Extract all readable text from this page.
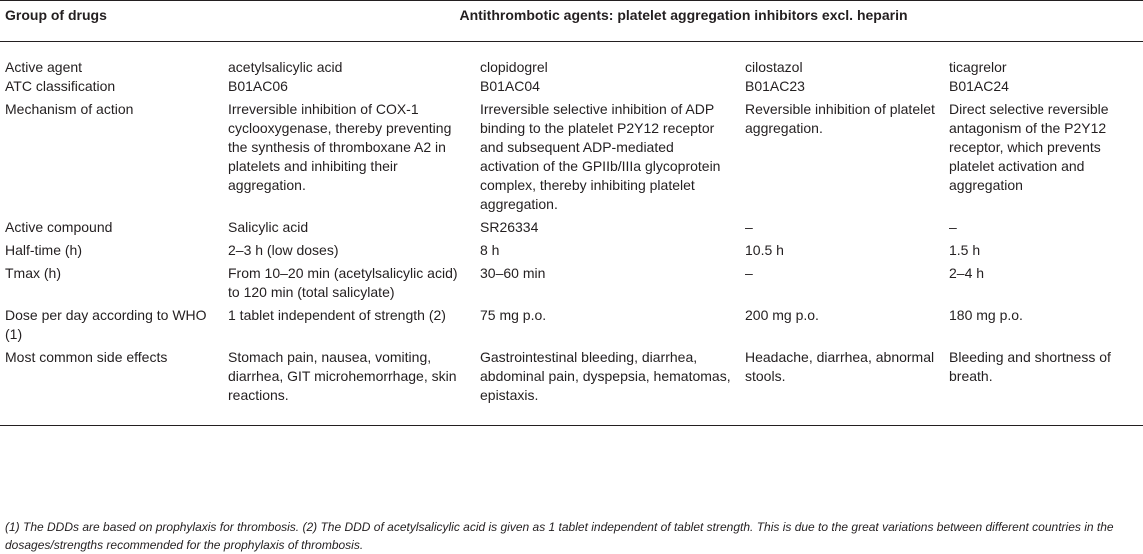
Group of drugs	Antithrombotic agents: platelet aggregation inhibitors excl. heparin			
Active agent	acetylsalicylic acid	clopidogrel	cilostazol	ticagrelor
ATC classification	B01AC06	B01AC04	B01AC23	B01AC24
Mechanism of action	Irreversible inhibition of COX-1 cyclooxygenase, thereby preventing the synthesis of thromboxane A2 in platelets and inhibiting their aggregation.	Irreversible selective inhibition of ADP binding to the platelet P2Y12 receptor and subsequent ADP-mediated activation of the GPIIb/IIIa glycoprotein complex, thereby inhibiting platelet aggregation.	Reversible inhibition of platelet aggregation.	Direct selective reversible antagonism of the P2Y12 receptor, which prevents platelet activation and aggregation
Active compound	Salicylic acid	SR26334	–	–
Half-time (h)	2–3 h (low doses)	8 h	10.5 h	1.5 h
Tmax (h)	From 10–20 min (acetylsalicylic acid) to 120 min (total salicylate)	30–60 min	–	2–4 h
Dose per day according to WHO (1)	1 tablet independent of strength (2)	75 mg p.o.	200 mg p.o.	180 mg p.o.
Most common side effects	Stomach pain, nausea, vomiting, diarrhea, GIT microhemorrhage, skin reactions.	Gastrointestinal bleeding, diarrhea, abdominal pain, dyspepsia, hematomas, epistaxis.	Headache, diarrhea, abnormal stools.	Bleeding and shortness of breath.

(1) The DDDs are based on prophylaxis for thrombosis. (2) The DDD of acetylsalicylic acid is given as 1 tablet independent of tablet strength. This is due to the great variations between different countries in the dosages/strengths recommended for the prophylaxis of thrombosis.
